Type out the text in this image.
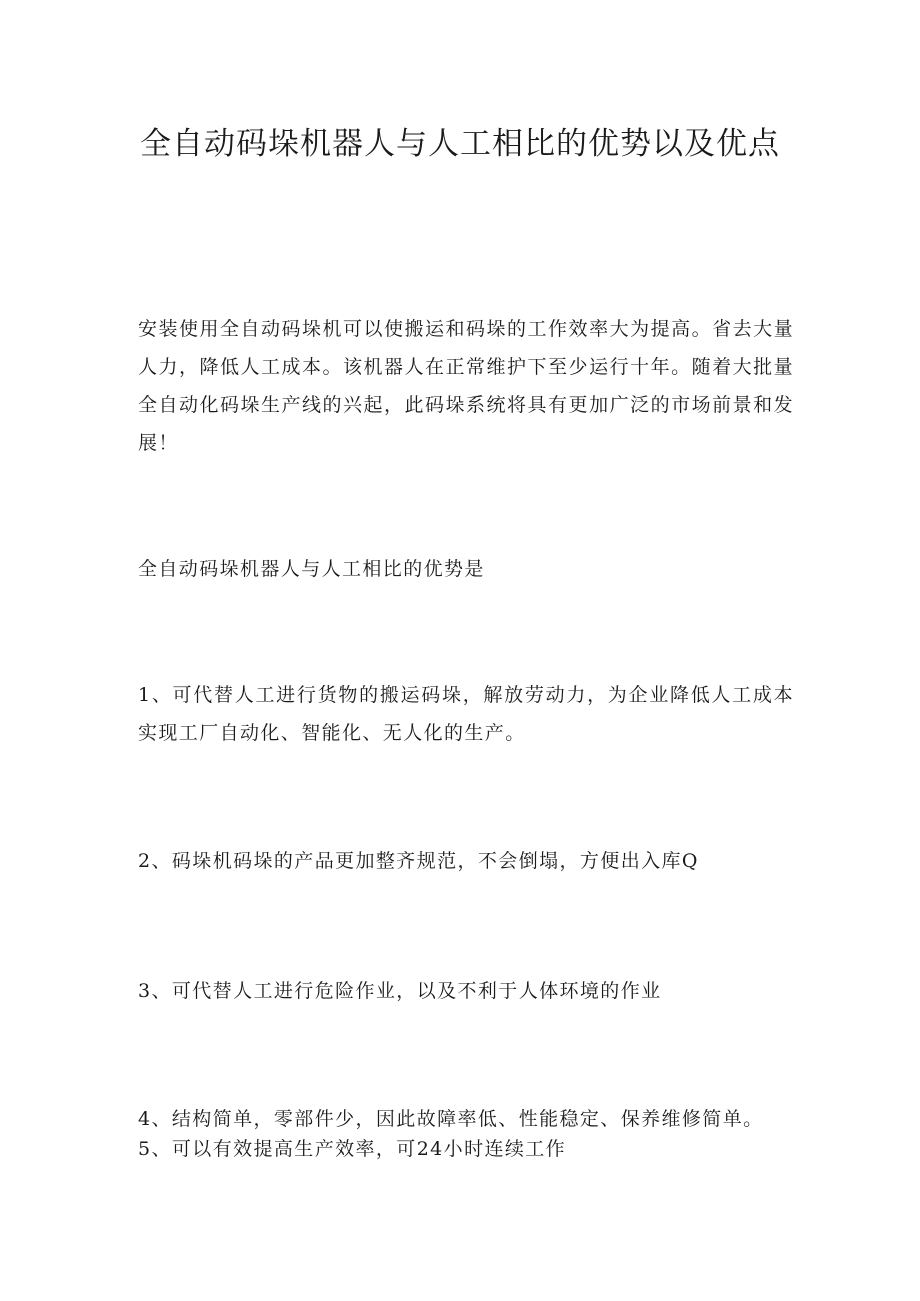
全自动码垛机器人与人工相比的优势以及优点

安装使用全自动码垛机可以使搬运和码垛的工作效率大为提高。省去大量人力，降低人工成本。该机器人在正常维护下至少运行十年。随着大批量全自动化码垛生产线的兴起，此码垛系统将具有更加广泛的市场前景和发展！

全自动码垛机器人与人工相比的优势是

1、可代替人工进行货物的搬运码垛，解放劳动力，为企业降低人工成本实现工厂自动化、智能化、无人化的生产。

2、码垛机码垛的产品更加整齐规范，不会倒塌，方便出入库Q

3、可代替人工进行危险作业，以及不利于人体环境的作业

4、结构简单，零部件少，因此故障率低、性能稳定、保养维修简单。

5、可以有效提高生产效率，可24小时连续工作
